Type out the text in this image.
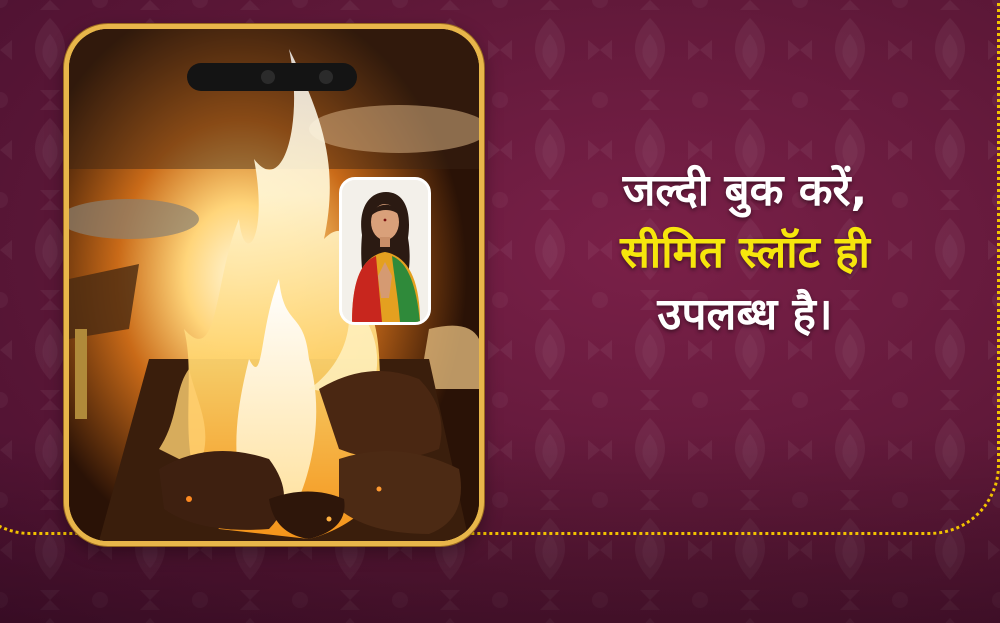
जल्दी बुक करें,
सीमित स्लॉट ही
उपलब्ध है।
